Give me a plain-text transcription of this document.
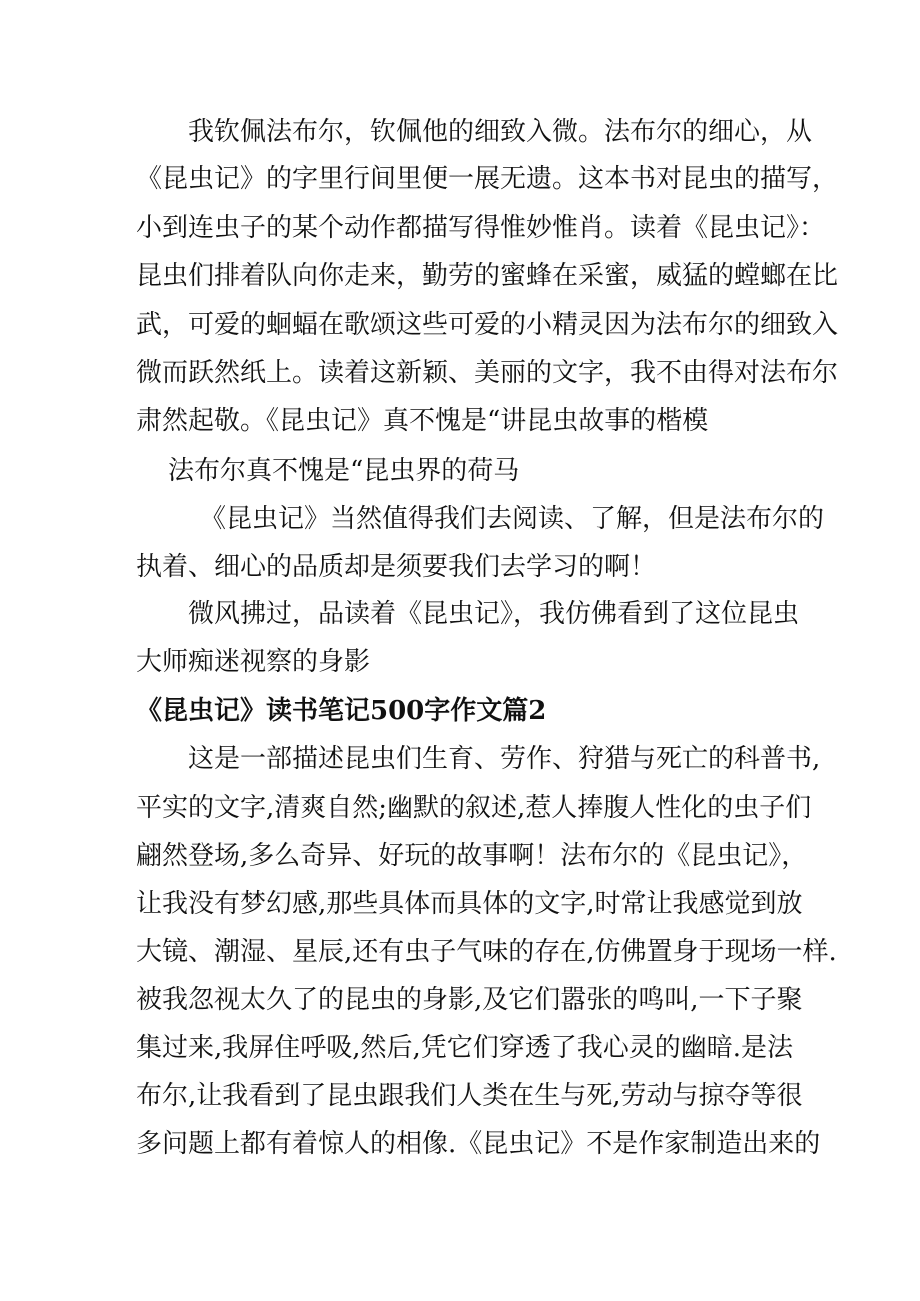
我钦佩法布尔，钦佩他的细致入微。法布尔的细心，从
《昆虫记》的字里行间里便一展无遗。这本书对昆虫的描写，
小到连虫子的某个动作都描写得惟妙惟肖。读着《昆虫记》：
昆虫们排着队向你走来，勤劳的蜜蜂在采蜜，威猛的螳螂在比
武，可爱的蛔蝠在歌颂这些可爱的小精灵因为法布尔的细致入
微而跃然纸上。读着这新颖、美丽的文字，我不由得对法布尔
肃然起敬。《昆虫记》真不愧是“讲昆虫故事的楷模
法布尔真不愧是“昆虫界的荷马
《昆虫记》当然值得我们去阅读、了解，但是法布尔的
执着、细心的品质却是须要我们去学习的啊！
微风拂过，品读着《昆虫记》，我仿佛看到了这位昆虫
大师痴迷视察的身影
《昆虫记》读书笔记500字作文篇2
这是一部描述昆虫们生育、劳作、狩猎与死亡的科普书,
平实的文字,清爽自然;幽默的叙述,惹人捧腹人性化的虫子们
翩然登场,多么奇异、好玩的故事啊！法布尔的《昆虫记》，
让我没有梦幻感,那些具体而具体的文字,时常让我感觉到放
大镜、潮湿、星辰,还有虫子气味的存在,仿佛置身于现场一样.
被我忽视太久了的昆虫的身影,及它们嚣张的鸣叫,一下子聚
集过来,我屏住呼吸,然后,凭它们穿透了我心灵的幽暗.是法
布尔,让我看到了昆虫跟我们人类在生与死,劳动与掠夺等很
多问题上都有着惊人的相像.《昆虫记》不是作家制造出来的
